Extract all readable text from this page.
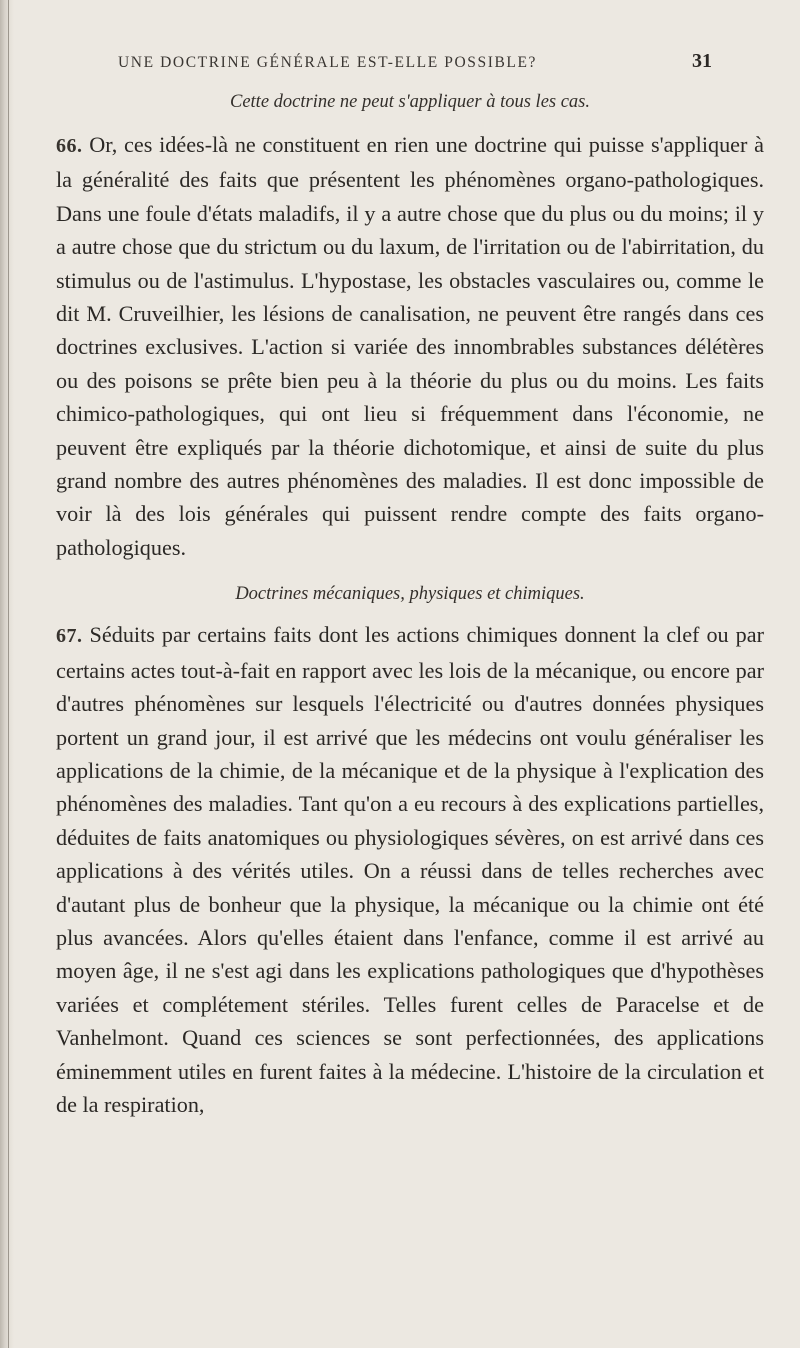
UNE DOCTRINE GÉNÉRALE EST-ELLE POSSIBLE?	31
Cette doctrine ne peut s'appliquer à tous les cas.

66. Or, ces idées-là ne constituent en rien une doctrine qui puisse s'appliquer à la généralité des faits que présentent les phénomènes organo-pathologiques. Dans une foule d'états maladifs, il y a autre chose que du plus ou du moins; il y a autre chose que du strictum ou du laxum, de l'irritation ou de l'abirritation, du stimulus ou de l'astimulus. L'hypostase, les obstacles vasculaires ou, comme le dit M. Cruveilhier, les lésions de canalisation, ne peuvent être rangés dans ces doctrines exclusives. L'action si variée des innombrables substances délétères ou des poisons se prête bien peu à la théorie du plus ou du moins. Les faits chimico-pathologiques, qui ont lieu si fréquemment dans l'économie, ne peuvent être expliqués par la théorie dichotomique, et ainsi de suite du plus grand nombre des autres phénomènes des maladies. Il est donc impossible de voir là des lois générales qui puissent rendre compte des faits organo-pathologiques.

Doctrines mécaniques, physiques et chimiques.

67. Séduits par certains faits dont les actions chimiques donnent la clef ou par certains actes tout-à-fait en rapport avec les lois de la mécanique, ou encore par d'autres phénomènes sur lesquels l'électricité ou d'autres données physiques portent un grand jour, il est arrivé que les médecins ont voulu généraliser les applications de la chimie, de la mécanique et de la physique à l'explication des phénomènes des maladies. Tant qu'on a eu recours à des explications partielles, déduites de faits anatomiques ou physiologiques sévères, on est arrivé dans ces applications à des vérités utiles. On a réussi dans de telles recherches avec d'autant plus de bonheur que la physique, la mécanique ou la chimie ont été plus avancées. Alors qu'elles étaient dans l'enfance, comme il est arrivé au moyen âge, il ne s'est agi dans les explications pathologiques que d'hypothèses variées et complétement stériles. Telles furent celles de Paracelse et de Vanhelmont. Quand ces sciences se sont perfectionnées, des applications éminemment utiles en furent faites à la médecine. L'histoire de la circulation et de la respiration,
